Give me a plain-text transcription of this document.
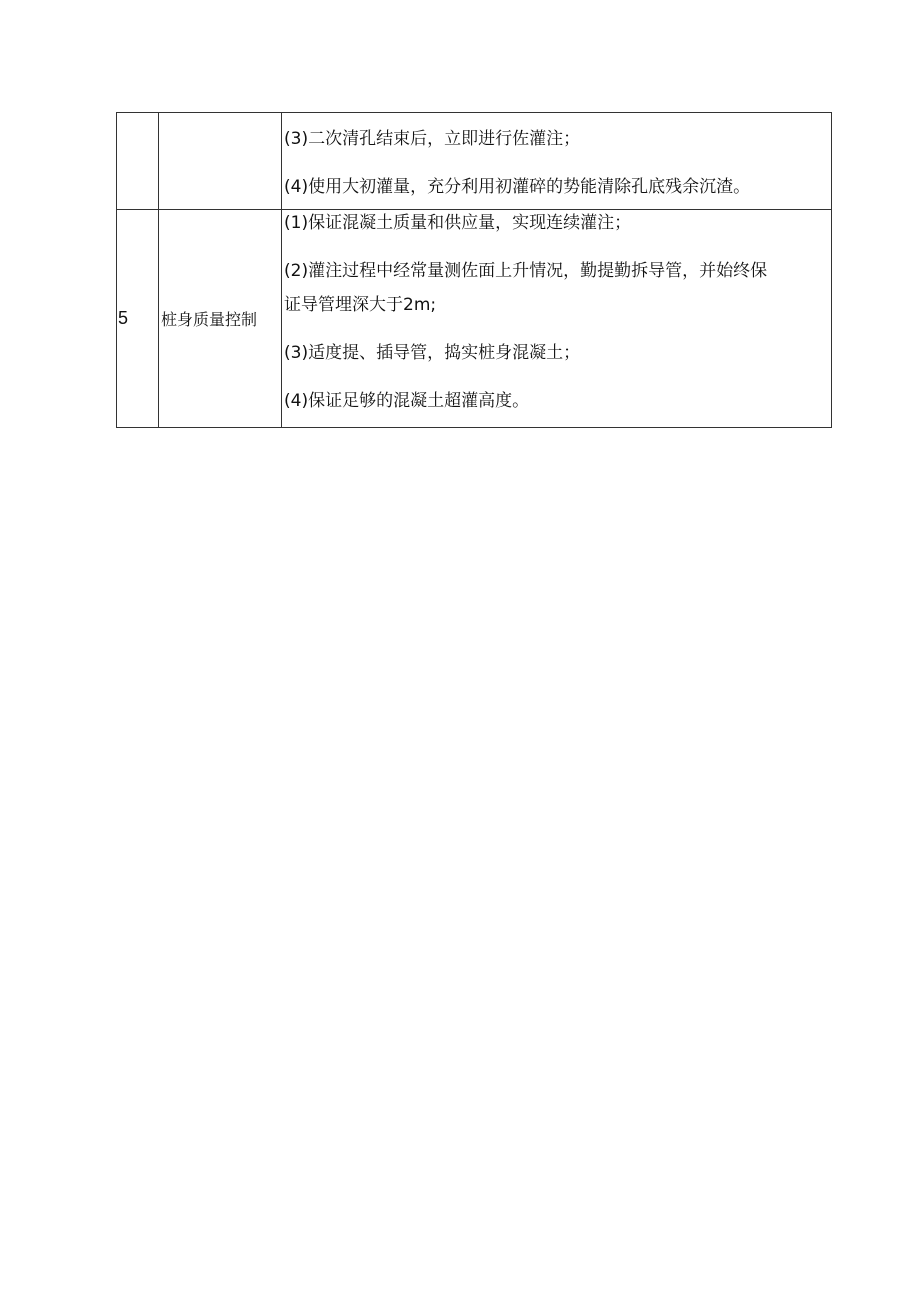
		(3)二次清孔结束后，立即进行佐灌注；

(4)使用大初灌量，充分利用初灌碎的势能清除孔底残余沉渣。

5	桩身质量控制	(1)保证混凝土质量和供应量，实现连续灌注；

(2)灌注过程中经常量测佐面上升情况，勤提勤拆导管，并始终保

证导管埋深大于2m;

(3)适度提、插导管，捣实桩身混凝土；

(4)保证足够的混凝土超灌高度。
